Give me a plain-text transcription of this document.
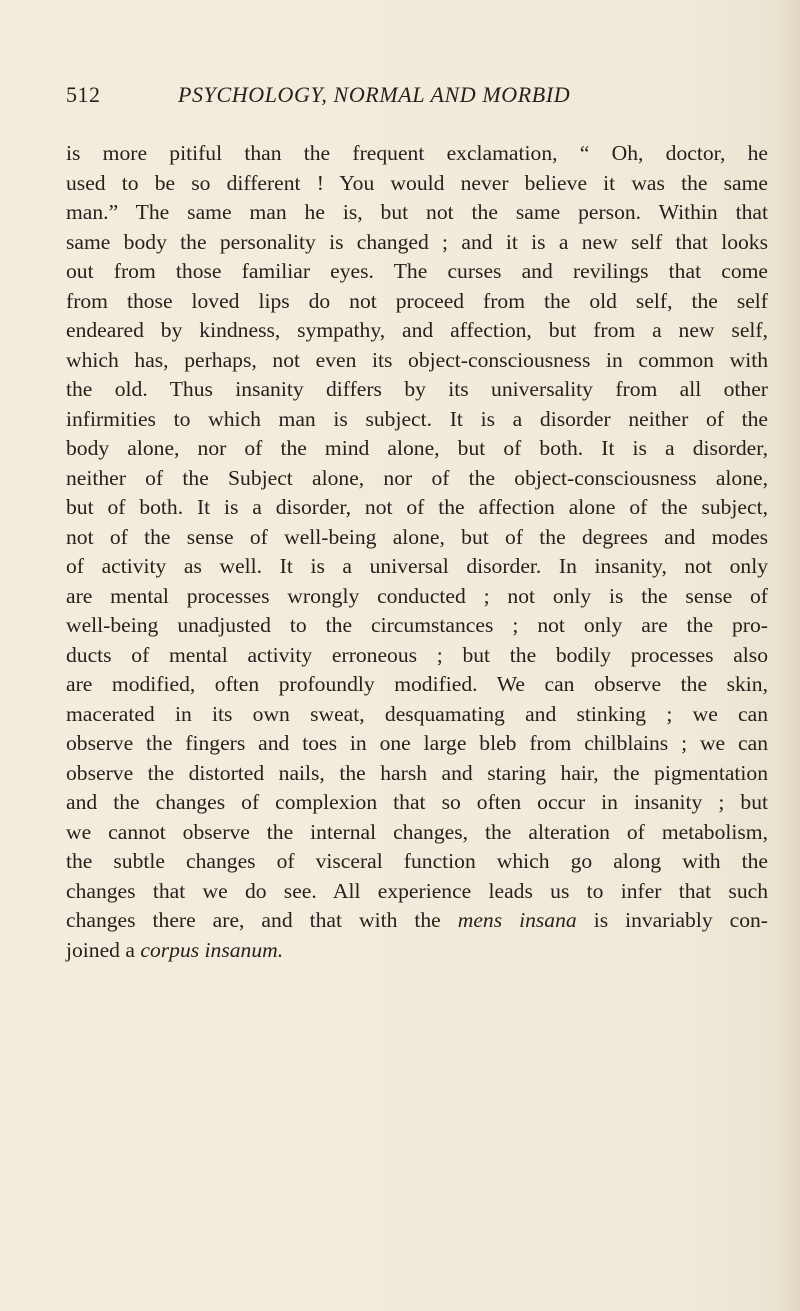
512	PSYCHOLOGY, NORMAL AND MORBID
is more pitiful than the frequent exclamation, “ Oh, doctor, he
used to be so different ! You would never believe it was the same
man.” The same man he is, but not the same person. Within that
same body the personality is changed ; and it is a new self that looks
out from those familiar eyes. The curses and revilings that come
from those loved lips do not proceed from the old self, the self
endeared by kindness, sympathy, and affection, but from a new self,
which has, perhaps, not even its object-consciousness in common with
the old. Thus insanity differs by its universality from all other
infirmities to which man is subject. It is a disorder neither of the
body alone, nor of the mind alone, but of both. It is a disorder,
neither of the Subject alone, nor of the object-consciousness alone,
but of both. It is a disorder, not of the affection alone of the subject,
not of the sense of well-being alone, but of the degrees and modes
of activity as well. It is a universal disorder. In insanity, not only
are mental processes wrongly conducted ; not only is the sense of
well-being unadjusted to the circumstances ; not only are the pro-
ducts of mental activity erroneous ; but the bodily processes also
are modified, often profoundly modified. We can observe the skin,
macerated in its own sweat, desquamating and stinking ; we can
observe the fingers and toes in one large bleb from chilblains ; we can
observe the distorted nails, the harsh and staring hair, the pigmentation
and the changes of complexion that so often occur in insanity ; but
we cannot observe the internal changes, the alteration of metabolism,
the subtle changes of visceral function which go along with the
changes that we do see. All experience leads us to infer that such
changes there are, and that with the mens insana is invariably con-
joined a corpus insanum.
